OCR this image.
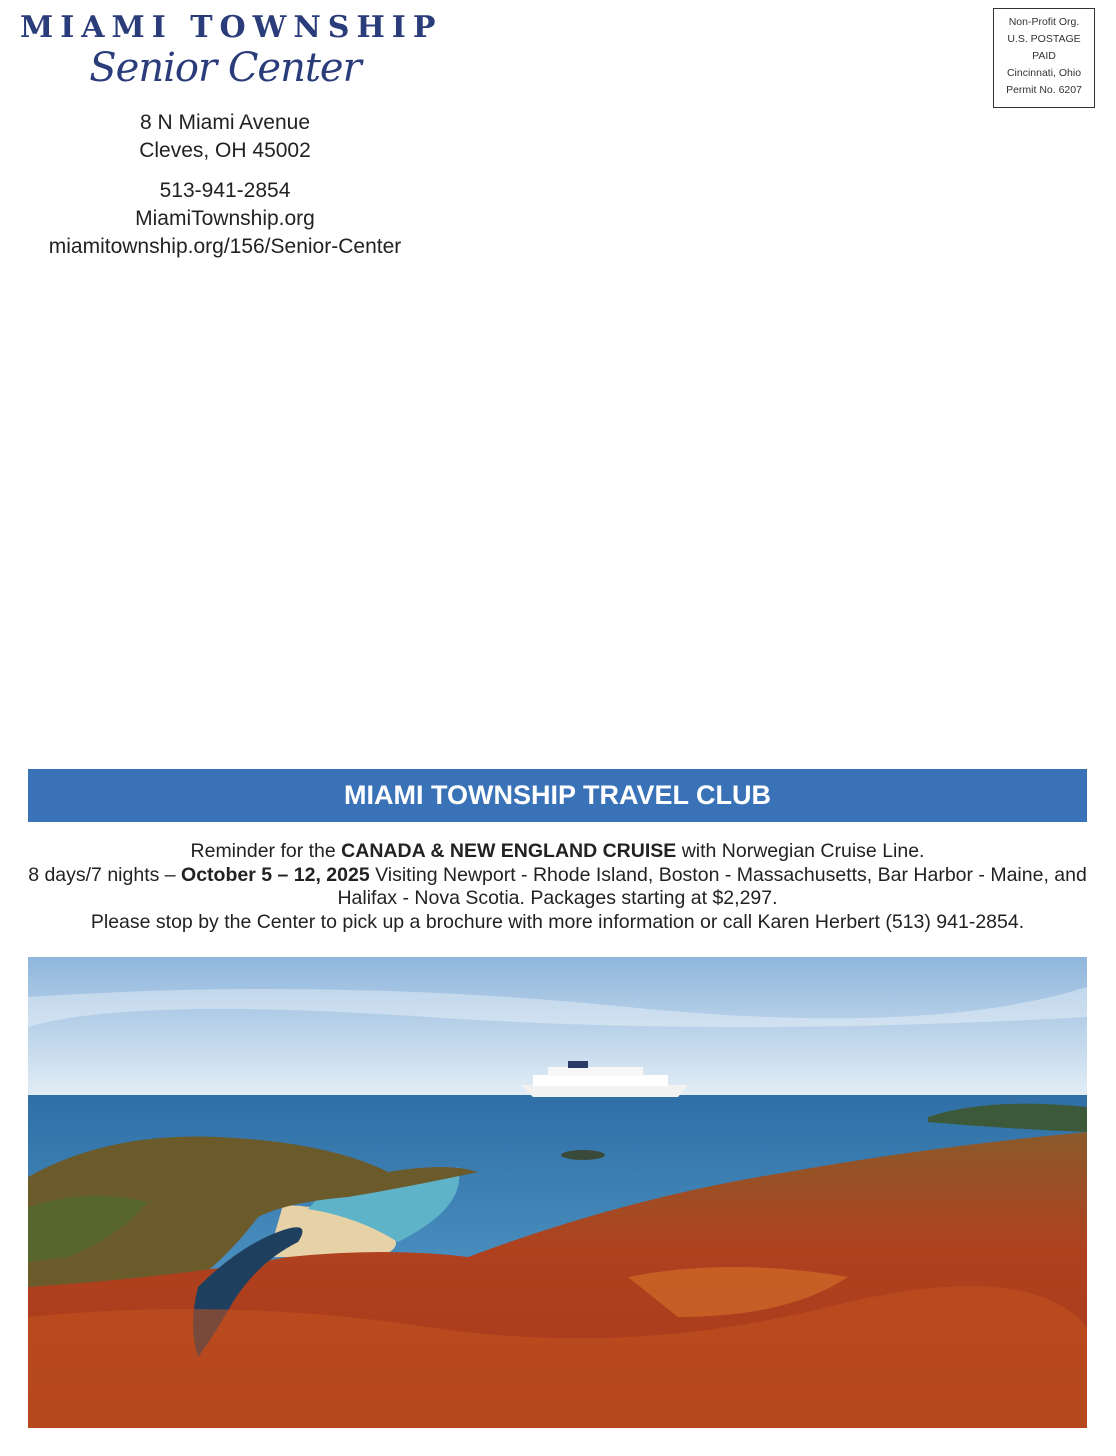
MIAMI TOWNSHIP
Senior Center
8 N Miami Avenue
Cleves, OH 45002
513-941-2854
MiamiTownship.org
miamitownship.org/156/Senior-Center
Non-Profit Org.
U.S. POSTAGE
PAID
Cincinnati, Ohio
Permit No. 6207
MIAMI TOWNSHIP TRAVEL CLUB
Reminder for the CANADA & NEW ENGLAND CRUISE with Norwegian Cruise Line.
8 days/7 nights – October 5 – 12, 2025 Visiting Newport - Rhode Island, Boston - Massachusetts, Bar Harbor - Maine, and Halifax - Nova Scotia. Packages starting at $2,297.
Please stop by the Center to pick up a brochure with more information or call Karen Herbert (513) 941-2854.
